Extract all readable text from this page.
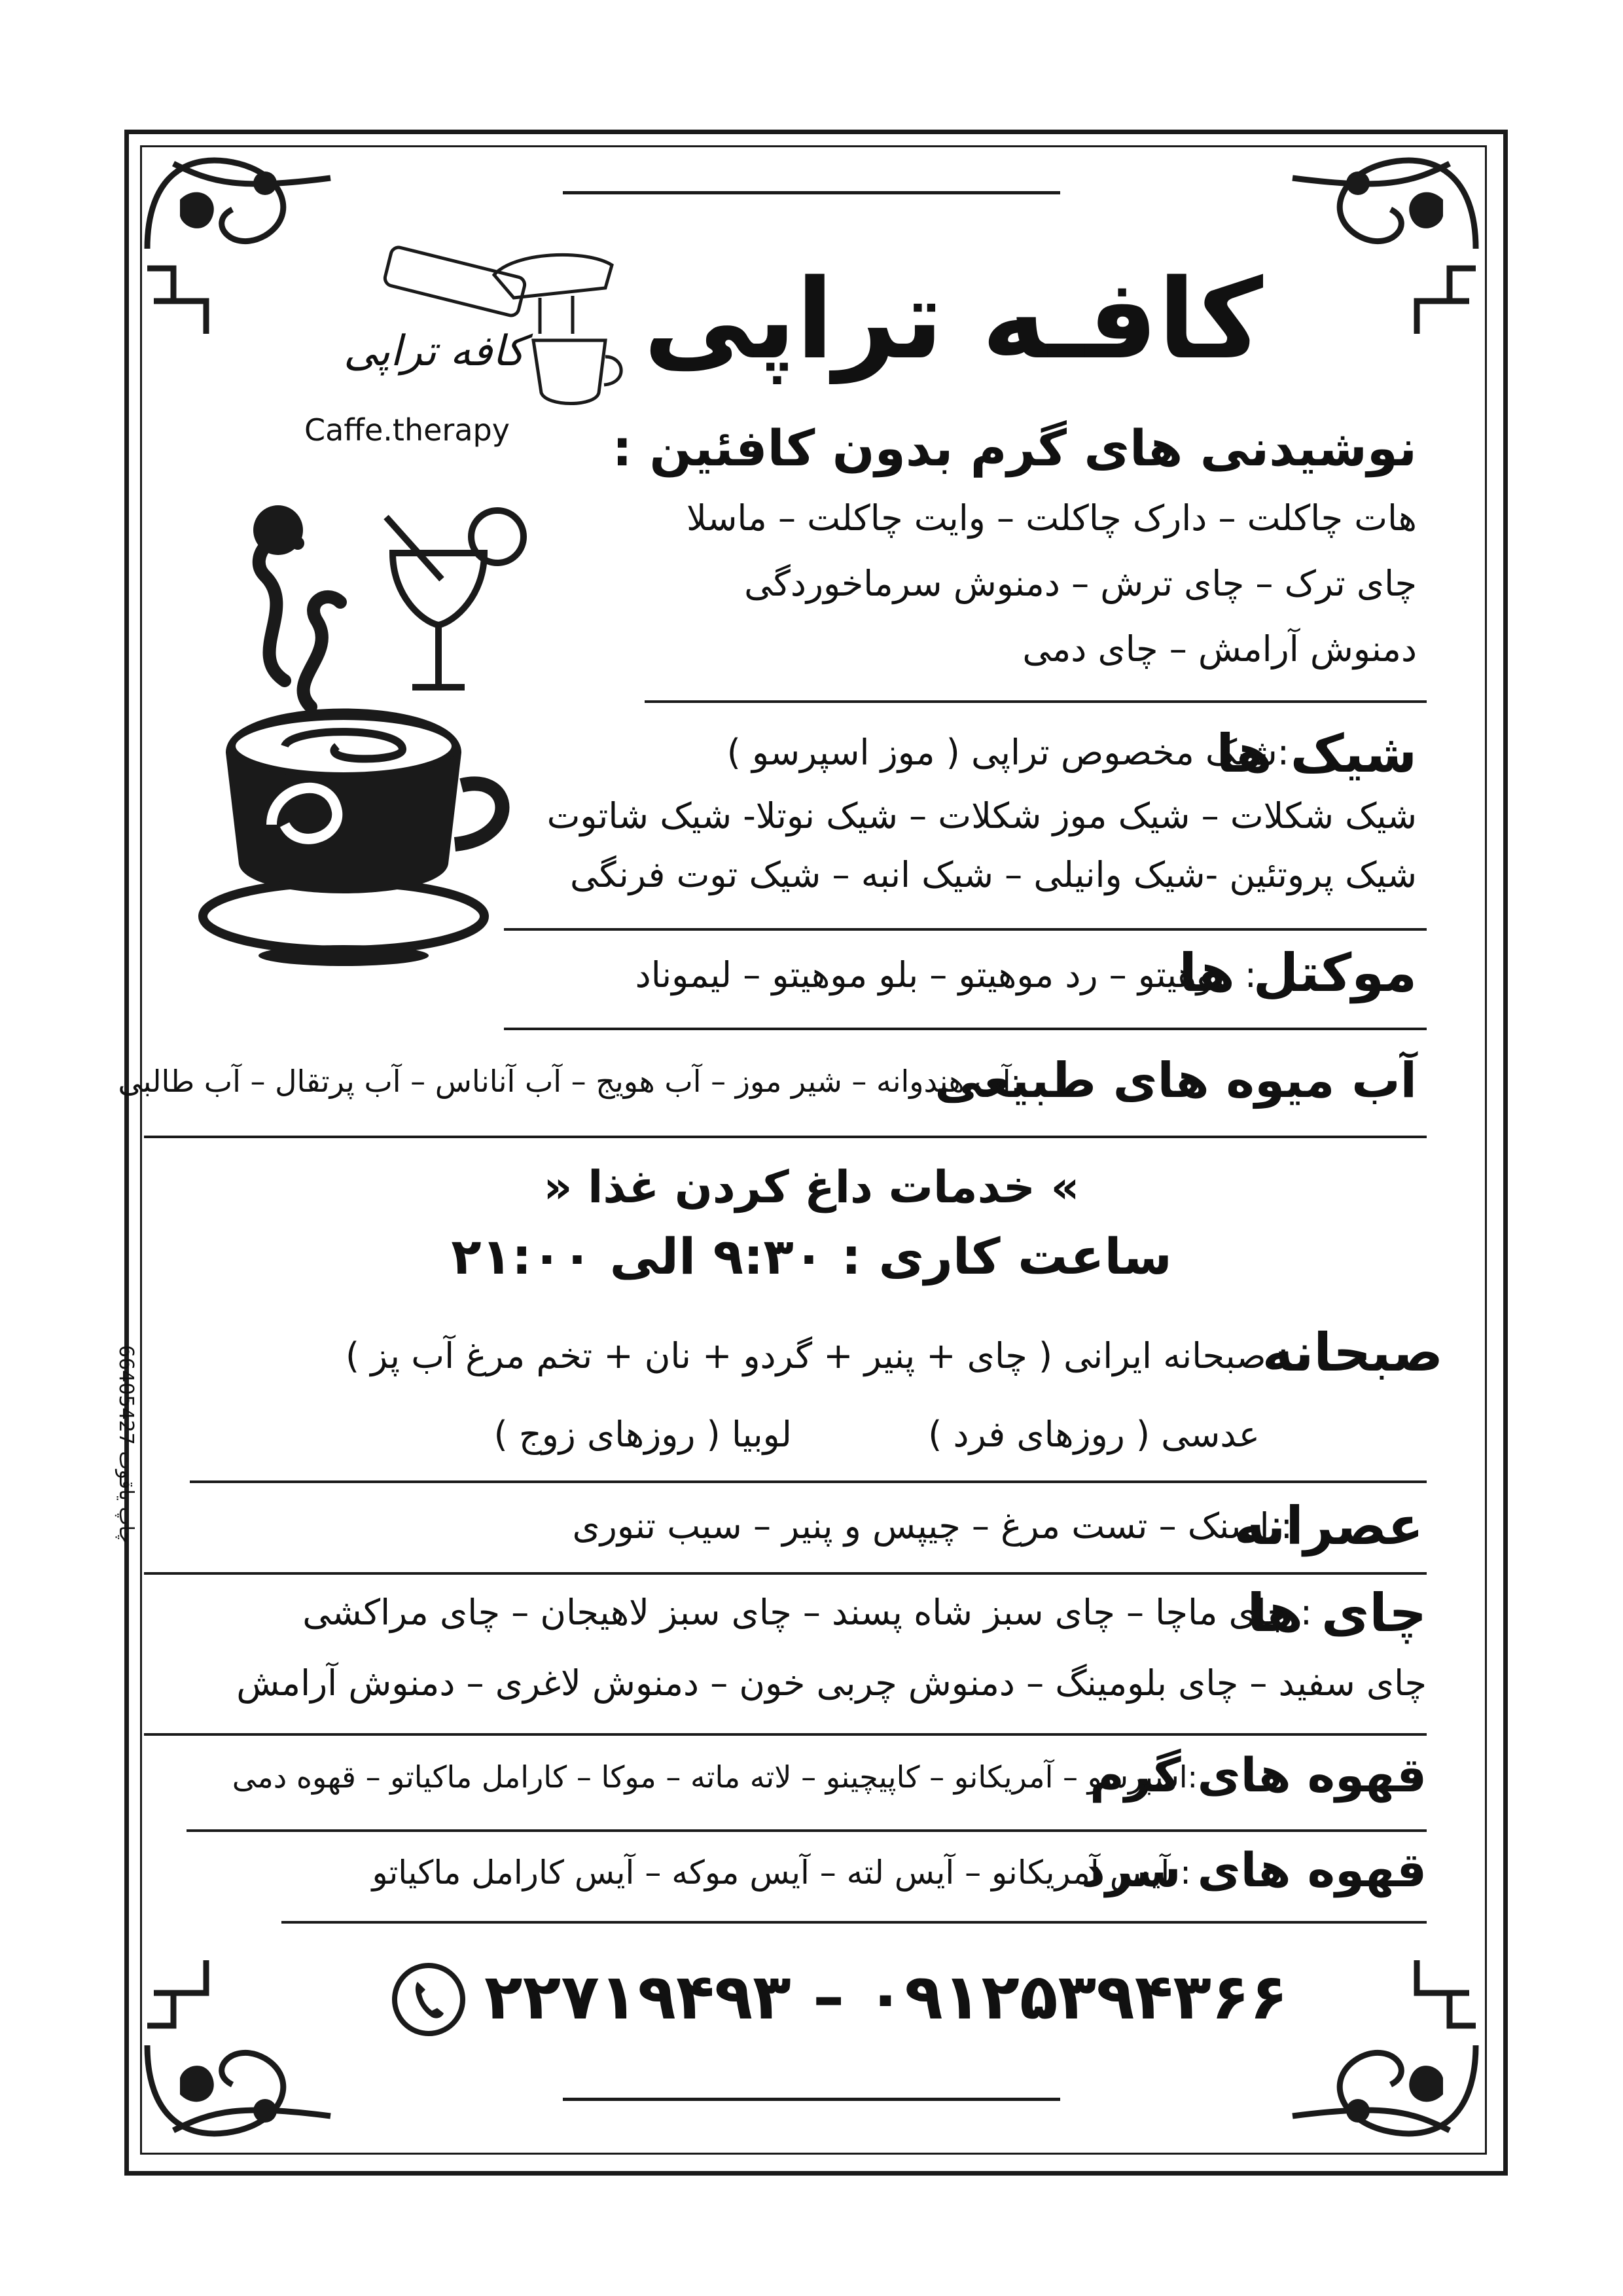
کافه تراپی
Caffe.therapy
کافـه تراپی
نوشیدنی های گرم بدون کافئین :
هات چاکلت – دارک چاکلت – وایت چاکلت – ماسلا
چای ترک – چای ترش – دمنوش سرماخوردگی
دمنوش آرامش – چای دمی
شیک ها
:شیک مخصوص تراپی ( موز اسپرسو )
شیک شکلات – شیک موز شکلات – شیک نوتلا- شیک شاتوت
شیک پروتئین -شیک وانیلی – شیک انبه – شیک توت فرنگی
موکتل ها
: موهیتو – رد موهیتو – بلو موهیتو – لیموناد
آب میوه های طبیعی
:آب هندوانه – شیر موز – آب هویج – آب آناناس – آب پرتقال – آب طالبی
» خدمات داغ کردن غذا «
ساعت کاری : ۹:۳۰ الی ۲۱:۰۰
صبحانه
: صبحانه ایرانی ( چای + پنیر + گردو + نان + تخم مرغ آب پز )
عدسی ( روزهای فرد )
لوبیا ( روزهای زوج )
عصرانه
: اسنک – تست مرغ – چیپس و پنیر – سیب تنوری
چای ها
: چای ماچا – چای سبز شاه پسند – چای سبز لاهیجان – چای مراکشی
چای سفید – چای بلومینگ – دمنوش چربی خون – دمنوش لاغری – دمنوش آرامش
قهوه های گرم
:اسپرسو – آمریکانو – کاپیچینو – لاته ماته – موکا – کارامل ماکیاتو – قهوه دمی
قهوه های سرد
: آیس آمریکانو – آیس لته – آیس موکه – آیس کارامل ماکیاتو
۲۲۷۱۹۴۹۳ – ۰۹۱۲۵۳۹۴۳۶۶
چاپ یاقوت 66405427
